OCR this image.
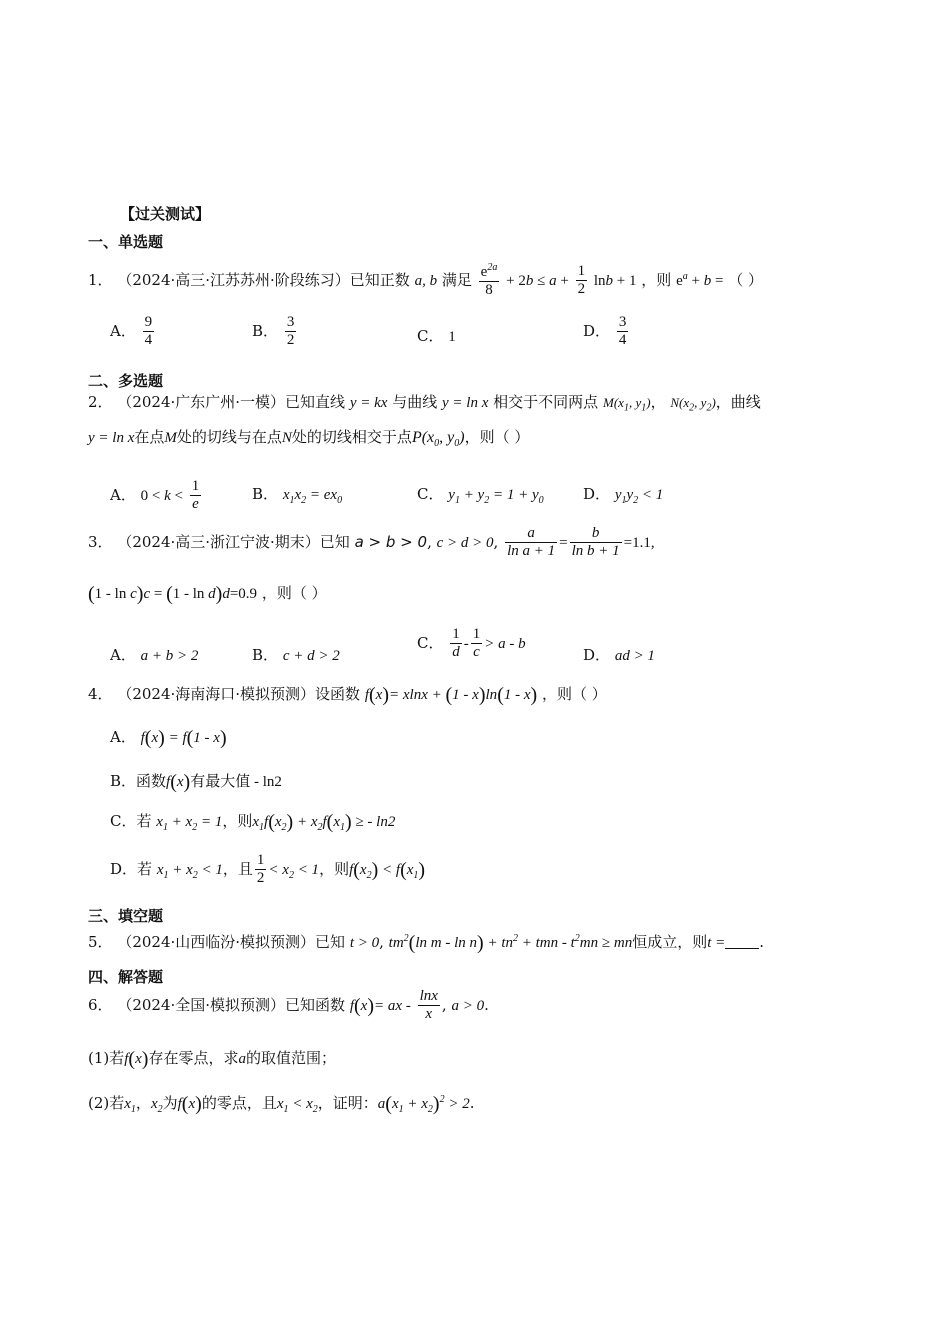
【过关测试】
一、单选题
1． （2024·高三·江苏苏州·阶段练习）已知正数 a, b 满足 $\frac{e^{2a}}{8} + 2b \le a + \frac{1}{2}$ lnb + 1 ，则 $e^a + b$ = （ ）
A． $\frac{9}{4}$	B． $\frac{3}{2}$	C． 1	D． $\frac{3}{4}$
二、多选题
2． （2024·广东广州·一模）已知直线 y = kx 与曲线 y = ln x 相交于不同两点 $M(x_1$, $y_1$)， $N(x_2$, $y_2$)，曲线
y = ln x在点M处的切线与在点N处的切线相交于点$P(x_0$, $y_0$)，则（ ）
A． $0 < k < \frac{1}{e}$	B． $x_1x_2 = ex_0$	C． $y_1 + y_2 = 1 + y_0$	D． $y_1y_2 < 1$
3． （2024·高三·浙江宁波·期末）已知 a > b > 0, c > d > 0, $\frac{a}{\text{ln a + 1}} = \frac{b}{\text{ln b + 1}} =1.1$,
(1 - ln c)c = (1 - ln d)d=0.9 ，则（ ）
A． a + b > 2	B． c + d > 2
C． $\frac{1}{d} - \frac{1}{c} > a - b$
D． ad > 1
4． （2024·海南海口·模拟预测）设函数 f(x)= xlnx + (1 - x)ln(1 - x) ，则（ ）
A． f(x) = f(1 - x)
B．函数f(x)有最大值 - ln2
C．若 $x_1 + x_2 = 1$，则$x_1f(x_2) + x_2f(x_1)$ ≥ - ln2
D．若 $x_1 + x_2 < 1$，且 $\frac{1}{2} < x_2 < 1$，则$f(x_2) < f(x_1)$
三、填空题
5． （2024·山西临汾·模拟预测）已知 t > 0, $tm^2(\ln$ $m - \ln n) + tn^2$ + tmn - $t^2mn$ ≥ mn恒成立，则t = .
四、解答题
6． （2024·全国·模拟预测）已知函数 f(x)= ax - $\frac{\ln x}{x}$ , a > 0.
(1)若f(x)存在零点，求a的取值范围；
(2)若$x_1$，$x_2$为f(x)的零点，且$x_1 < x_2$，证明：$a(x_1 + x_2)^2 > 2$.
